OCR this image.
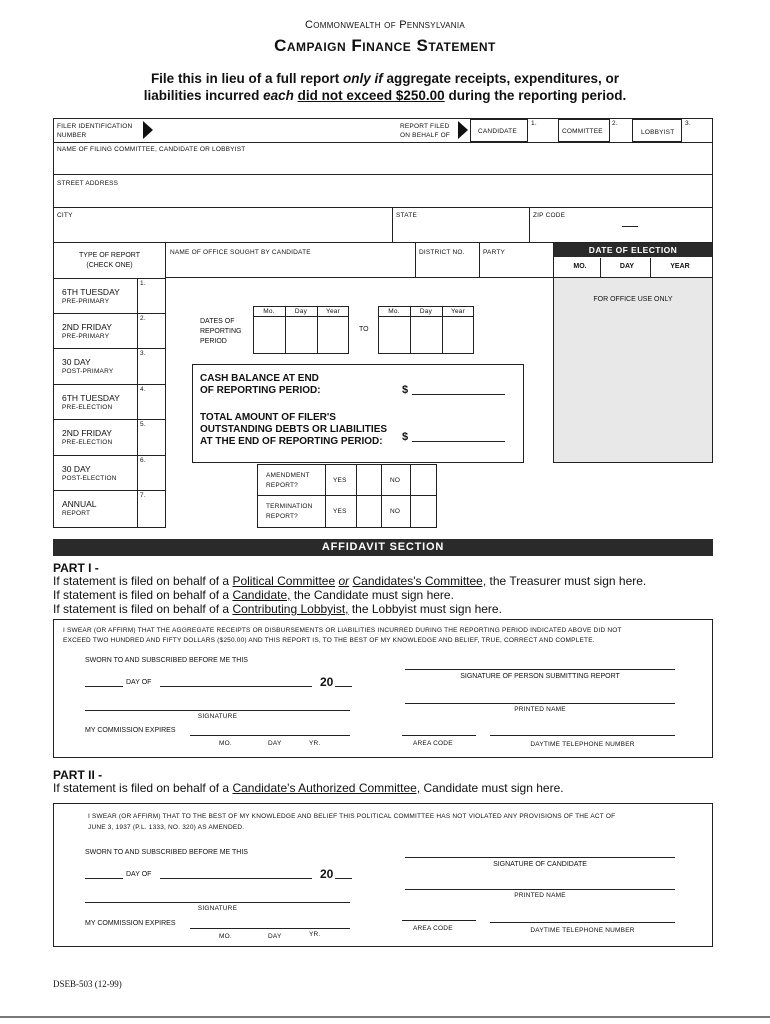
Commonwealth of Pennsylvania
Campaign Finance Statement
File this in lieu of a full report only if aggregate receipts, expenditures, or
liabilities incurred each did not exceed $250.00 during the reporting period.
FILER IDENTIFICATION NUMBER
REPORT FILED ON BEHALF OF
CANDIDATE
1.
COMMITTEE
2.
LOBBYIST
3.
NAME OF FILING COMMITTEE, CANDIDATE OR LOBBYIST
STREET ADDRESS
CITY	STATE	ZIP CODE
TYPE OF REPORT
(CHECK ONE)
1.
6TH TUESDAY
PRE-PRIMARY
2.
2ND FRIDAY
PRE-PRIMARY
3.
30 DAY
POST-PRIMARY
4.
6TH TUESDAY
PRE-ELECTION
5.
2ND FRIDAY
PRE-ELECTION
6.
30 DAY
POST-ELECTION
7.
ANNUAL
REPORT
NAME OF OFFICE SOUGHT BY CANDIDATE	DISTRICT NO.	PARTY	DATE OF ELECTION
MO.	DAY	YEAR
FOR OFFICE USE ONLY
DATES OF
REPORTING
PERIOD
Mo.	Day	Year
TO
Mo.	Day	Year
CASH BALANCE AT END
OF REPORTING PERIOD:	$
TOTAL AMOUNT OF FILER'S
OUTSTANDING DEBTS OR LIABILITIES
AT THE END OF REPORTING PERIOD:	$
AMENDMENT
REPORT?
YES	NO
TERMINATION
REPORT?
YES	NO
AFFIDAVIT SECTION
PART I -
If statement is filed on behalf of a Political Committee or Candidates's Committee, the Treasurer must sign here.
If statement is filed on behalf of a Candidate, the Candidate must sign here.
If statement is filed on behalf of a Contributing Lobbyist, the Lobbyist must sign here.
I SWEAR (OR AFFIRM) THAT THE AGGREGATE RECEIPTS OR DISBURSEMENTS OR LIABILITIES INCURRED DURING THE REPORTING PERIOD INDICATED ABOVE DID NOT
EXCEED TWO HUNDRED AND FIFTY DOLLARS ($250.00) AND THIS REPORT IS, TO THE BEST OF MY KNOWLEDGE AND BELIEF, TRUE, CORRECT AND COMPLETE.
SWORN TO AND SUBSCRIBED BEFORE ME THIS
DAY OF	20	SIGNATURE OF PERSON SUBMITTING REPORT
SIGNATURE
PRINTED NAME
MY COMMISSION EXPIRES
MO.	DAY	YR.	AREA CODE	DAYTIME TELEPHONE NUMBER
PART II -
If statement is filed on behalf of a Candidate's Authorized Committee, Candidate must sign here.
I SWEAR (OR AFFIRM) THAT TO THE BEST OF MY KNOWLEDGE AND BELIEF THIS POLITICAL COMMITTEE HAS NOT VIOLATED ANY PROVISIONS OF THE ACT OF
JUNE 3, 1937 (P.L. 1333, NO. 320) AS AMENDED.
SWORN TO AND SUBSCRIBED BEFORE ME THIS
DAY OF	20
SIGNATURE OF CANDIDATE
PRINTED NAME
SIGNATURE
MY COMMISSION EXPIRES
MO.	DAY	YR.
AREA CODE	DAYTIME TELEPHONE NUMBER
DSEB-503 (12-99)
